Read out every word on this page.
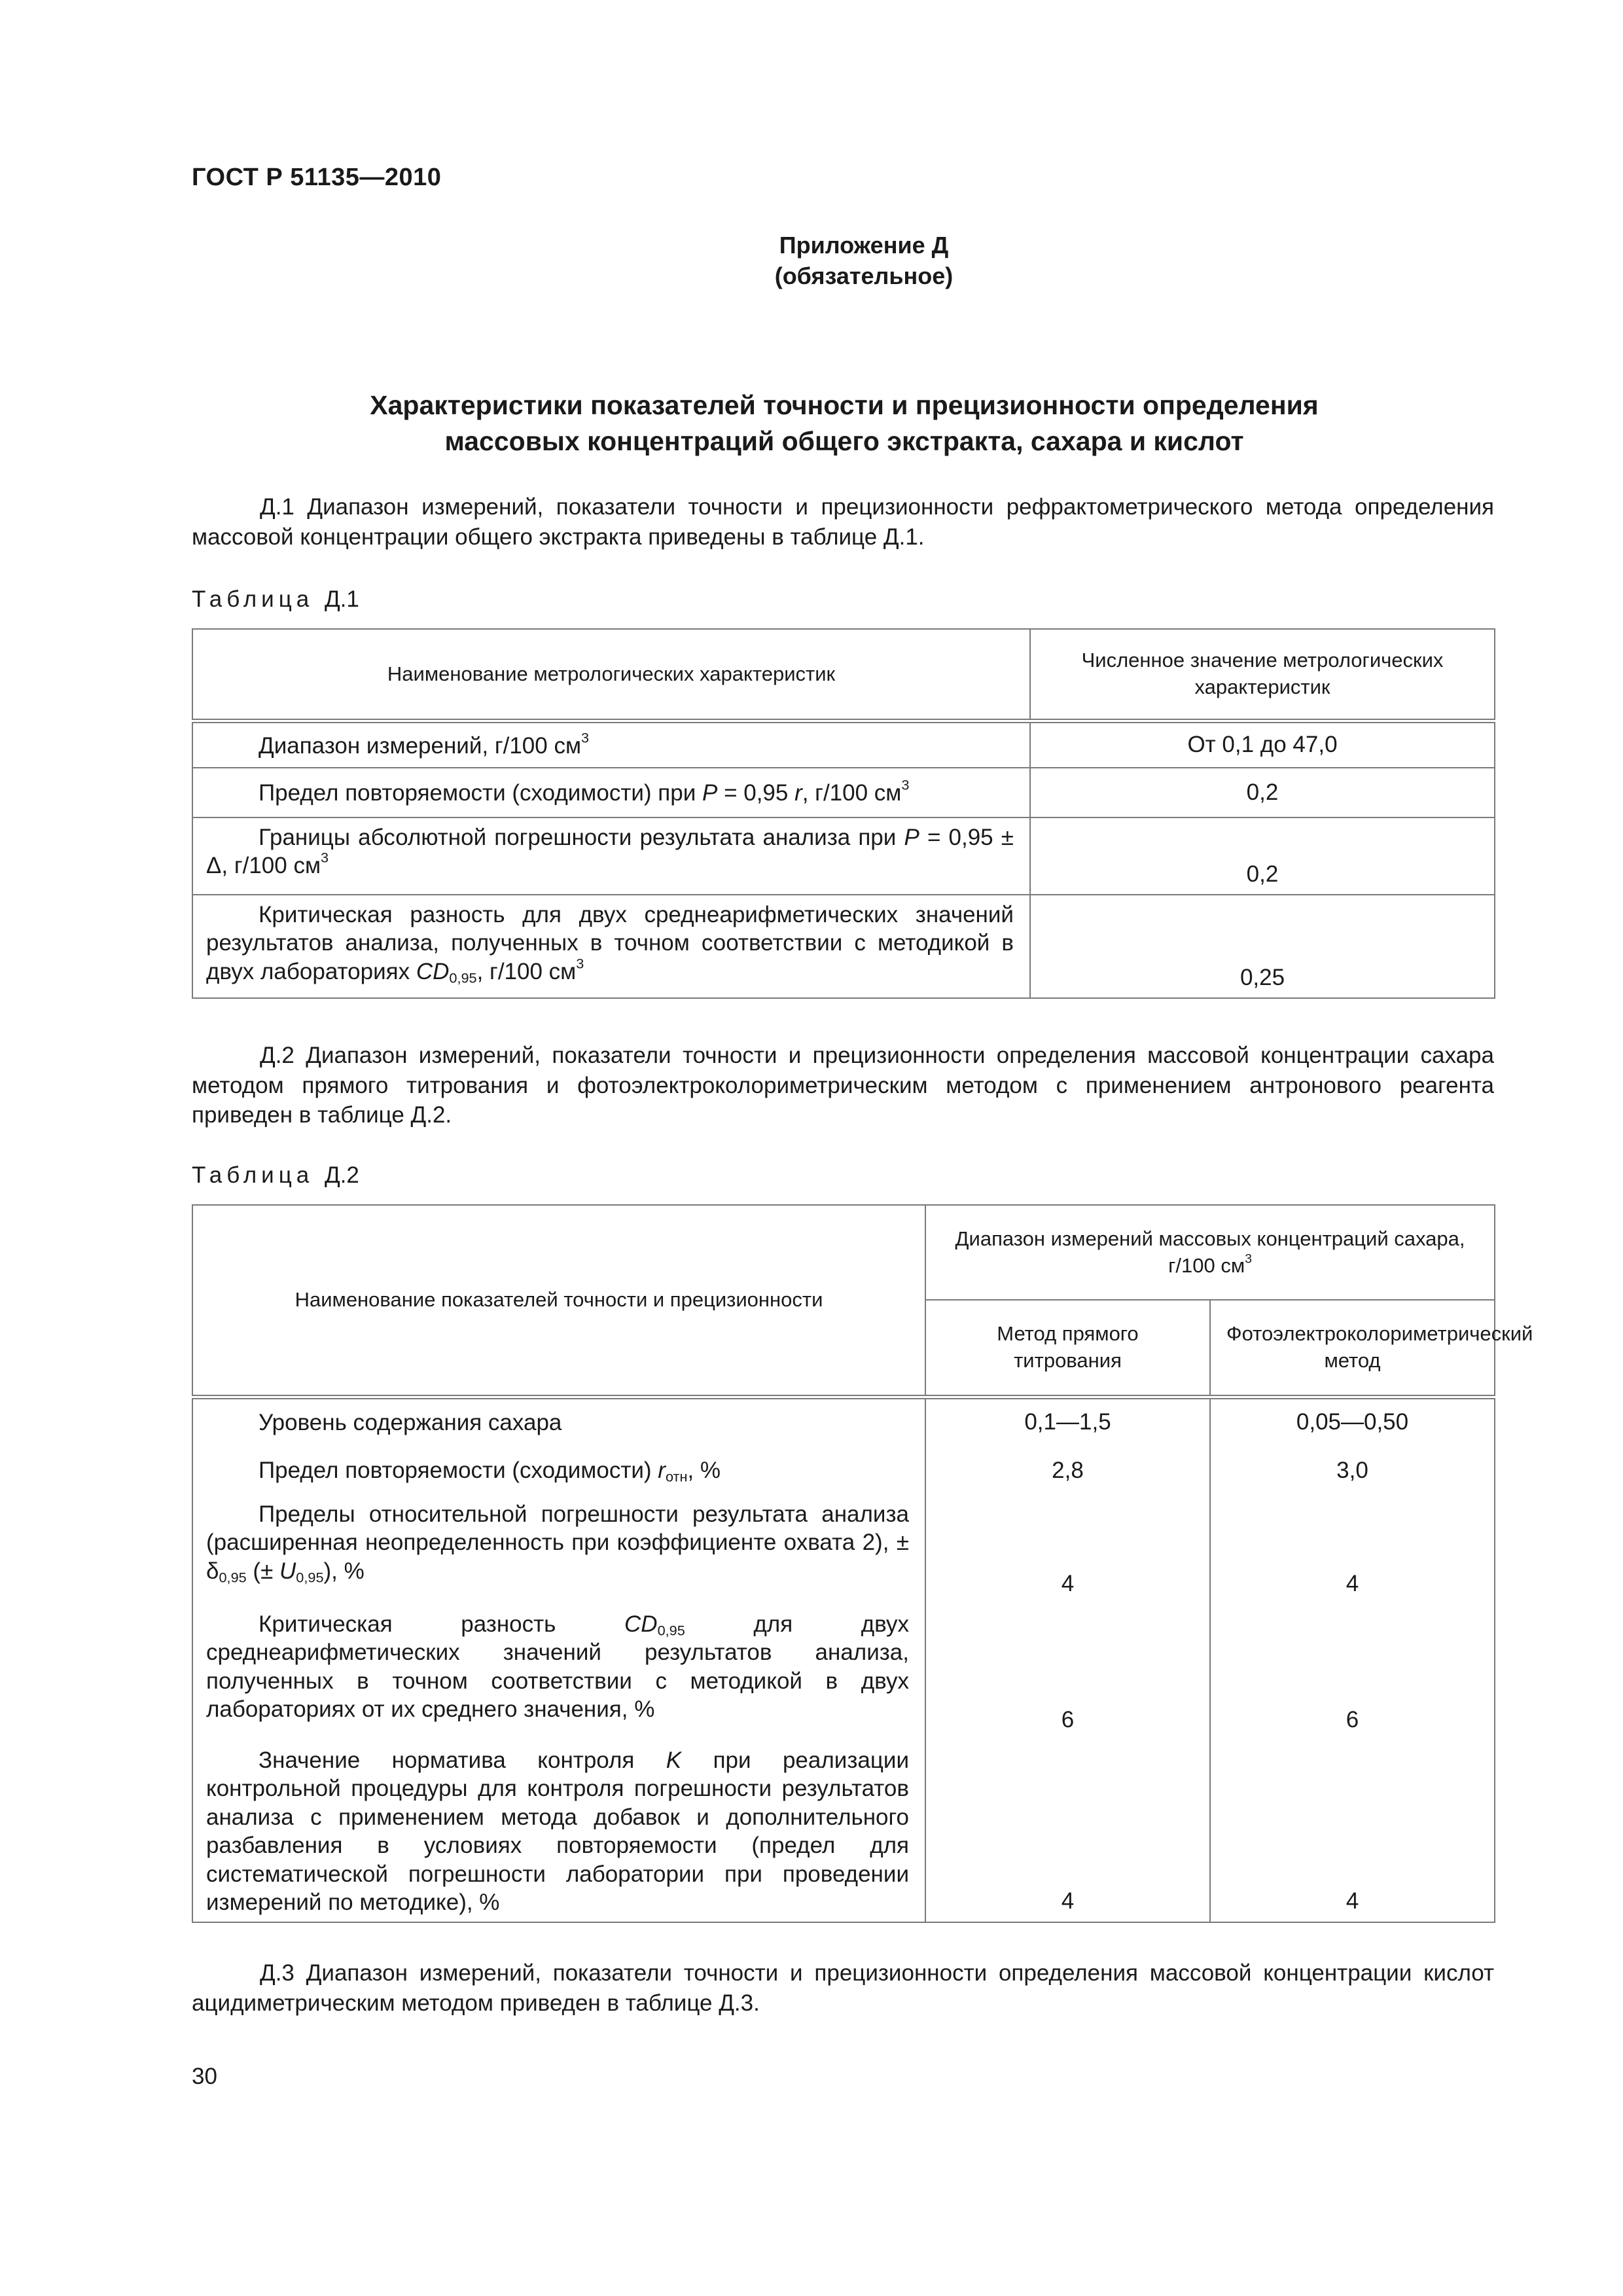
ГОСТ Р 51135—2010
Приложение Д
(обязательное)
Характеристики показателей точности и прецизионности определения
массовых концентраций общего экстракта, сахара и кислот
Д.1 Диапазон измерений, показатели точности и прецизионности рефрактометрического метода определения массовой концентрации общего экстракта приведены в таблице Д.1.
Таблица Д.1
Наименование метрологических характеристик	Численное значение метрологических характеристик
Диапазон измерений, г/100 $см^3$	От 0,1 до 47,0
Предел повторяемости (сходимости) при P = 0,95 r, г/100 $см^3$	0,2
Границы абсолютной погрешности результата анализа при P = 0,95 ± Δ, г/100 $см^3$	0,2
Критическая разность для двух среднеарифметических значений результатов анализа, полученных в точном соответствии с методикой в двух лабораториях $CD_{0,95}$, г/100 $см^3$	0,25
Д.2 Диапазон измерений, показатели точности и прецизионности определения массовой концентрации сахара методом прямого титрования и фотоэлектроколориметрическим методом с применением антронового реагента приведен в таблице Д.2.
Таблица Д.2
Наименование показателей точности и прецизионности	Диапазон измерений массовых концентраций сахара, г/100 $см^3$
	Метод прямого титрования	Фотоэлектроколориметрический метод
Уровень содержания сахара	0,1—1,5	0,05—0,50
Предел повторяемости (сходимости) $r_{отн}$, %	2,8	3,0
Пределы относительной погрешности результата анализа (расширенная неопределенность при коэффициенте охвата 2), ± $\delta_{0,95}$ (± $U_{0,95}$), %	4	4
Критическая разность $CD_{0,95}$ для двух среднеарифметических значений результатов анализа, полученных в точном соответствии с методикой в двух лабораториях от их среднего значения, %	6	6
Значение норматива контроля K при реализации контрольной процедуры для контроля погрешности результатов анализа с применением метода добавок и дополнительного разбавления в условиях повторяемости (предел для систематической погрешности лаборатории при проведении измерений по методике), %	4	4
Д.3 Диапазон измерений, показатели точности и прецизионности определения массовой концентрации кислот ацидиметрическим методом приведен в таблице Д.3.
30
